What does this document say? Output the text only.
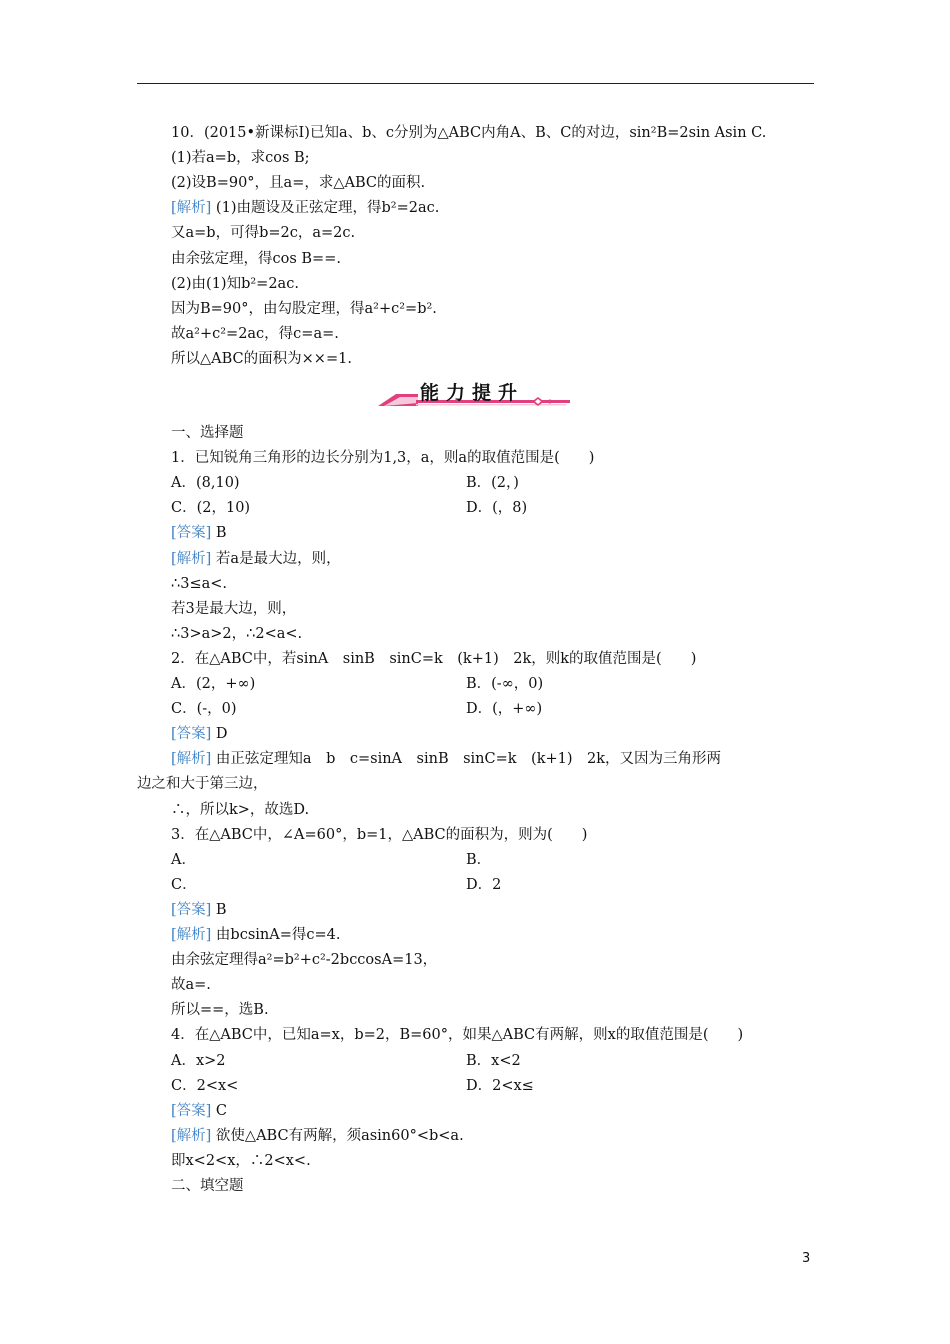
10．(2015•新课标Ⅰ)已知a、b、c分别为△ABC内角A、B、C的对边，sin²B=2sin Asin C.
(1)若a=b，求cos B;
(2)设B=90°，且a=，求△ABC的面积.
[解析] (1)由题设及正弦定理，得b²=2ac.
又a=b，可得b=2c，a=2c.
由余弦定理，得cos B==.
(2)由(1)知b²=2ac.
因为B=90°，由勾股定理，得a²+c²=b².
故a²+c²=2ac，得c=a=.
所以△ABC的面积为××=1.
能力提升
一、选择题
1．已知锐角三角形的边长分别为1,3，a，则a的取值范围是(　　)
A．(8,10)	B．(2，)
C．(2，10)	D．(，8)
[答案] B
[解析] 若a是最大边，则，
∴3≤a<.
若3是最大边，则，
∴3>a>2，∴2<a<.
2．在△ABC中，若sinA　sinB　sinC=k　(k+1)　2k，则k的取值范围是(　　)
A．(2，+∞)	B．(-∞，0)
C．(-，0)	D．(，+∞)
[答案] D
[解析] 由正弦定理知a　b　c=sinA　sinB　sinC=k　(k+1)　2k，又因为三角形两
边之和大于第三边，
∴，所以k>，故选D.
3．在△ABC中，∠A=60°，b=1，△ABC的面积为，则为(　　)
A．	B．
C．	D．2
[答案] B
[解析] 由bcsinA=得c=4.
由余弦定理得a²=b²+c²-2bccosA=13，
故a=.
所以==，选B.
4．在△ABC中，已知a=x，b=2，B=60°，如果△ABC有两解，则x的取值范围是(　　)
A．x>2	B．x<2
C．2<x<	D．2<x≤
[答案] C
[解析] 欲使△ABC有两解，须asin60°<b<a.
即x<2<x，∴2<x<.
二、填空题
3
